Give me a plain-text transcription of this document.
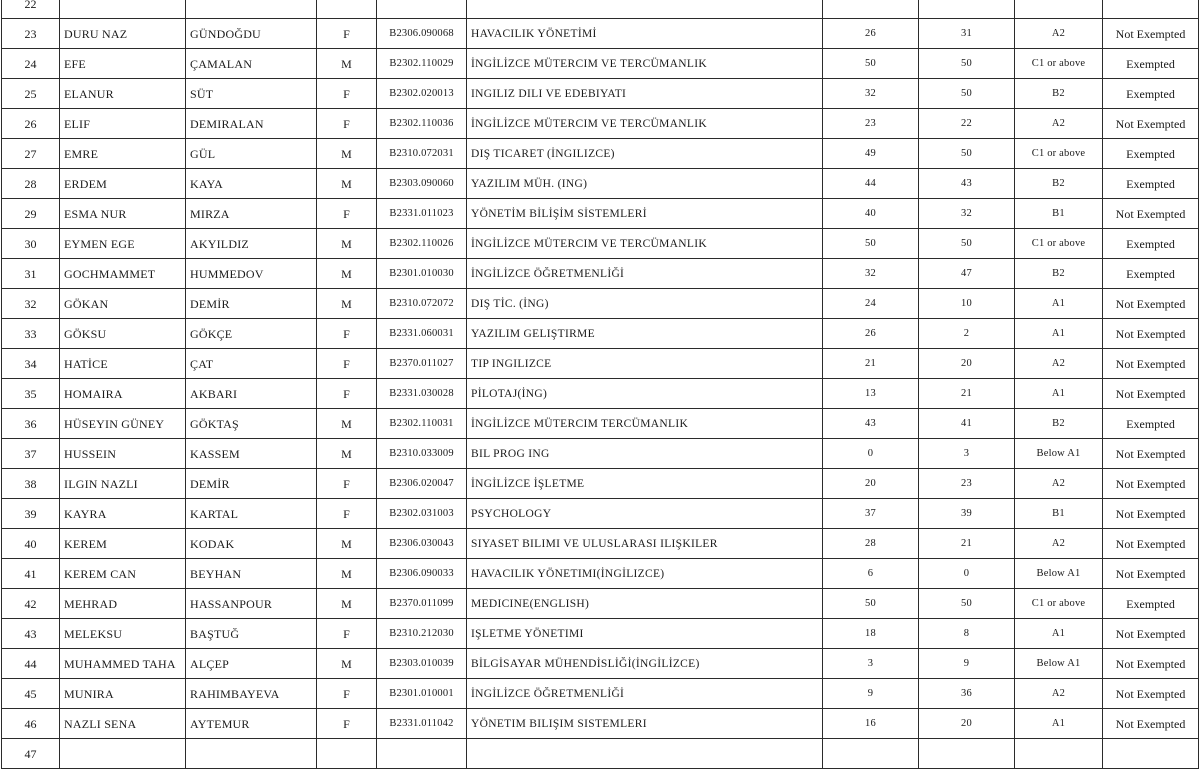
22									
23	DURU NAZ	GÜNDOĞDU	F	B2306.090068	HAVACILIK YÖNETİMİ	26	31	A2	Not Exempted
24	EFE	ÇAMALAN	M	B2302.110029	İNGİLİZCE MÜTERCIM VE TERCÜMANLIK	50	50	C1 or above	Exempted
25	ELANUR	SÜT	F	B2302.020013	INGILIZ DILI VE EDEBIYATI	32	50	B2	Exempted
26	ELIF	DEMIRALAN	F	B2302.110036	İNGİLİZCE MÜTERCIM VE TERCÜMANLIK	23	22	A2	Not Exempted
27	EMRE	GÜL	M	B2310.072031	DIŞ TICARET (İNGILIZCE)	49	50	C1 or above	Exempted
28	ERDEM	KAYA	M	B2303.090060	YAZILIM MÜH. (ING)	44	43	B2	Exempted
29	ESMA NUR	MIRZA	F	B2331.011023	YÖNETİM BİLİŞİM SİSTEMLERİ	40	32	B1	Not Exempted
30	EYMEN EGE	AKYILDIZ	M	B2302.110026	İNGİLİZCE MÜTERCIM VE TERCÜMANLIK	50	50	C1 or above	Exempted
31	GOCHMAMMET	HUMMEDOV	M	B2301.010030	İNGİLİZCE ÖĞRETMENLİĞİ	32	47	B2	Exempted
32	GÖKAN	DEMİR	M	B2310.072072	DIŞ TİC. (İNG)	24	10	A1	Not Exempted
33	GÖKSU	GÖKÇE	F	B2331.060031	YAZILIM GELIŞTIRME	26	2	A1	Not Exempted
34	HATİCE	ÇAT	F	B2370.011027	TIP INGILIZCE	21	20	A2	Not Exempted
35	HOMAIRA	AKBARI	F	B2331.030028	PİLOTAJ(İNG)	13	21	A1	Not Exempted
36	HÜSEYIN GÜNEY	GÖKTAŞ	M	B2302.110031	İNGİLİZCE MÜTERCIM TERCÜMANLIK	43	41	B2	Exempted
37	HUSSEIN	KASSEM	M	B2310.033009	BIL PROG ING	0	3	Below A1	Not Exempted
38	ILGIN NAZLI	DEMİR	F	B2306.020047	İNGİLİZCE İŞLETME	20	23	A2	Not Exempted
39	KAYRA	KARTAL	F	B2302.031003	PSYCHOLOGY	37	39	B1	Not Exempted
40	KEREM	KODAK	M	B2306.030043	SIYASET BILIMI VE ULUSLARASI ILIŞKILER	28	21	A2	Not Exempted
41	KEREM CAN	BEYHAN	M	B2306.090033	HAVACILIK YÖNETIMI(İNGİLIZCE)	6	0	Below A1	Not Exempted
42	MEHRAD	HASSANPOUR	M	B2370.011099	MEDICINE(ENGLISH)	50	50	C1 or above	Exempted
43	MELEKSU	BAŞTUĞ	F	B2310.212030	IŞLETME YÖNETIMI	18	8	A1	Not Exempted
44	MUHAMMED TAHA	ALÇEP	M	B2303.010039	BİLGİSAYAR MÜHENDİSLİĞİ(İNGİLİZCE)	3	9	Below A1	Not Exempted
45	MUNIRA	RAHIMBAYEVA	F	B2301.010001	İNGİLİZCE ÖĞRETMENLİĞİ	9	36	A2	Not Exempted
46	NAZLI SENA	AYTEMUR	F	B2331.011042	YÖNETIM BILIŞIM SISTEMLERI	16	20	A1	Not Exempted
47									
